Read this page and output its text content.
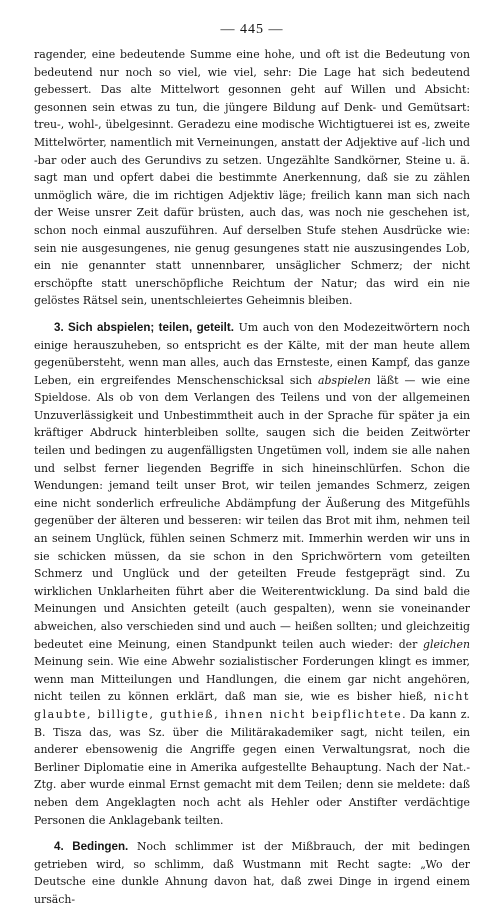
— 445 —

ragender, eine bedeutende Summe eine hohe, und oft ist die Bedeutung von bedeutend nur noch so viel, wie viel, sehr: Die Lage hat sich bedeutend gebessert. Das alte Mittelwort gesonnen geht auf Willen und Absicht: gesonnen sein etwas zu tun, die jüngere Bildung auf Denk- und Gemütsart: treu-, wohl-, übelgesinnt. Geradezu eine modische Wichtigtuerei ist es, zweite Mittelwörter, namentlich mit Verneinungen, anstatt der Adjektive auf -lich und -bar oder auch des Gerundivs zu setzen. Ungezählte Sandkörner, Steine u. ä. sagt man und opfert dabei die bestimmte Anerkennung, daß sie zu zählen unmöglich wäre, die im richtigen Adjektiv läge; freilich kann man sich nach der Weise unsrer Zeit dafür brüsten, auch das, was noch nie geschehen ist, schon noch einmal auszuführen. Auf derselben Stufe stehen Ausdrücke wie: sein nie ausgesungenes, nie genug gesungenes statt nie auszusingendes Lob, ein nie genannter statt unnennbarer, unsäglicher Schmerz; der nicht erschöpfte statt unerschöpfliche Reichtum der Natur; das wird ein nie gelöstes Rätsel sein, unentschleiertes Geheimnis bleiben.

3. Sich abspielen; teilen, geteilt. Um auch von den Modezeitwörtern noch einige herauszuheben, so entspricht es der Kälte, mit der man heute allem gegenübersteht, wenn man alles, auch das Ernsteste, einen Kampf, das ganze Leben, ein ergreifendes Menschenschicksal sich abspielen läßt — wie eine Spieldose. Als ob von dem Verlangen des Teilens und von der allgemeinen Unzuverlässigkeit und Unbestimmtheit auch in der Sprache für später ja ein kräftiger Abdruck hinterbleiben sollte, saugen sich die beiden Zeitwörter teilen und bedingen zu augenfälligsten Ungetümen voll, indem sie alle nahen und selbst ferner liegenden Begriffe in sich hineinschlürfen. Schon die Wendungen: jemand teilt unser Brot, wir teilen jemandes Schmerz, zeigen eine nicht sonderlich erfreuliche Abdämpfung der Äußerung des Mitgefühls gegenüber der älteren und besseren: wir teilen das Brot mit ihm, nehmen teil an seinem Unglück, fühlen seinen Schmerz mit. Immerhin werden wir uns in sie schicken müssen, da sie schon in den Sprichwörtern vom geteilten Schmerz und Unglück und der geteilten Freude festgeprägt sind. Zu wirklichen Unklarheiten führt aber die Weiterentwicklung. Da sind bald die Meinungen und Ansichten geteilt (auch gespalten), wenn sie voneinander abweichen, also verschieden sind und auch — heißen sollten; und gleichzeitig bedeutet eine Meinung, einen Standpunkt teilen auch wieder: der gleichen Meinung sein. Wie eine Abwehr sozialistischer Forderungen klingt es immer, wenn man Mitteilungen und Handlungen, die einem gar nicht angehören, nicht teilen zu können erklärt, daß man sie, wie es bisher hieß, nicht glaubte, billigte, guthieß, ihnen nicht beipflichtete. Da kann z. B. Tisza das, was Sz. über die Militärakademiker sagt, nicht teilen, ein anderer ebensowenig die Angriffe gegen einen Verwaltungsrat, noch die Berliner Diplomatie eine in Amerika aufgestellte Behauptung. Nach der Nat.-Ztg. aber wurde einmal Ernst gemacht mit dem Teilen; denn sie meldete: daß neben dem Angeklagten noch acht als Hehler oder Anstifter verdächtige Personen die Anklagebank teilten.

4. Bedingen. Noch schlimmer ist der Mißbrauch, der mit bedingen getrieben wird, so schlimm, daß Wustmann mit Recht sagte: „Wo der Deutsche eine dunkle Ahnung davon hat, daß zwei Dinge in irgend einem ursäch-
